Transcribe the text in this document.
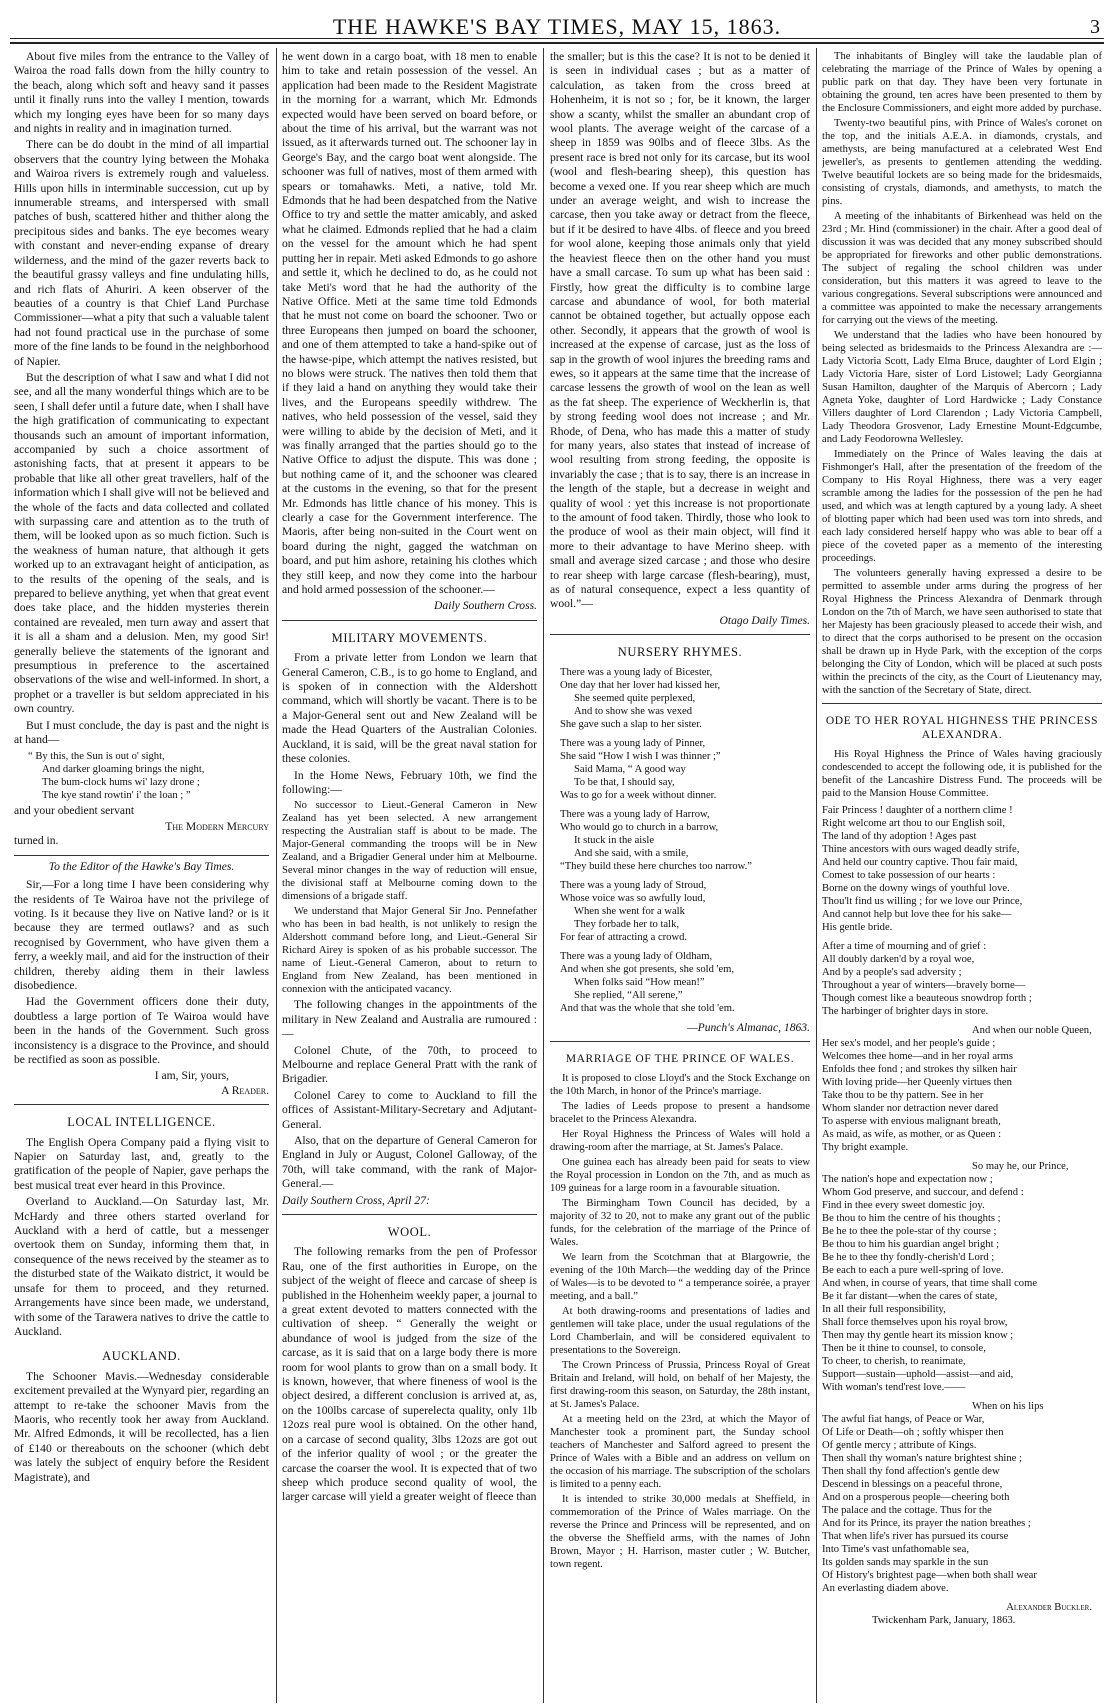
THE HAWKE'S BAY TIMES, MAY 15, 1863.	3

About five miles from the entrance to the Valley of Wairoa the road falls down from the hilly country to the beach, along which soft and heavy sand it passes until it finally runs into the valley I mention, towards which my longing eyes have been for so many days and nights in reality and in imagination turned.

There can be do doubt in the mind of all impartial observers that the country lying between the Mohaka and Wairoa rivers is extremely rough and valueless. Hills upon hills in interminable succession, cut up by innumerable streams, and interspersed with small patches of bush, scattered hither and thither along the precipitous sides and banks. The eye becomes weary with constant and never-ending expanse of dreary wilderness, and the mind of the gazer reverts back to the beautiful grassy valleys and fine undulating hills, and rich flats of Ahuriri. A keen observer of the beauties of a country is that Chief Land Purchase Commissioner—what a pity that such a valuable talent had not found practical use in the purchase of some more of the fine lands to be found in the neighborhood of Napier.

But the description of what I saw and what I did not see, and all the many wonderful things which are to be seen, I shall defer until a future date, when I shall have the high gratification of communicating to expectant thousands such an amount of important information, accompanied by such a choice assortment of astonishing facts, that at present it appears to be probable that like all other great travellers, half of the information which I shall give will not be believed and the whole of the facts and data collected and collated with surpassing care and attention as to the truth of them, will be looked upon as so much fiction. Such is the weakness of human nature, that although it gets worked up to an extravagant height of anticipation, as to the results of the opening of the seals, and is prepared to believe anything, yet when that great event does take place, and the hidden mysteries therein contained are revealed, men turn away and assert that it is all a sham and a delusion. Men, my good Sir! generally believe the statements of the ignorant and presumptious in preference to the ascertained observations of the wise and well-informed. In short, a prophet or a traveller is but seldom appreciated in his own country.

But I must conclude, the day is past and the night is at hand—

“ By this, the Sun is out o' sight,
And darker gloaming brings the night,
The bum-clock hums wi' lazy drone ;
The kye stand rowtin' i' the loan ; ”

and your obedient servant

The Modern Mercury

turned in.

To the Editor of the Hawke's Bay Times.

Sir,—For a long time I have been considering why the residents of Te Wairoa have not the privilege of voting. Is it because they live on Native land? or is it because they are termed outlaws? and as such recognised by Government, who have given them a ferry, a weekly mail, and aid for the instruction of their children, thereby aiding them in their lawless disobedience.

Had the Government officers done their duty, doubtless a large portion of Te Wairoa would have been in the hands of the Government. Such gross inconsistency is a disgrace to the Province, and should be rectified as soon as possible.

I am, Sir, yours,
A Reader.
LOCAL INTELLIGENCE.

The English Opera Company paid a flying visit to Napier on Saturday last, and, greatly to the gratification of the people of Napier, gave perhaps the best musical treat ever heard in this Province.

Overland to Auckland.—On Saturday last, Mr. McHardy and three others started overland for Auckland with a herd of cattle, but a messenger overtook them on Sunday, informing them that, in consequence of the news received by the steamer as to the disturbed state of the Waikato district, it would be unsafe for them to proceed, and they returned. Arrangements have since been made, we understand, with some of the Tarawera natives to drive the cattle to Auckland.

AUCKLAND.

The Schooner Mavis.—Wednesday considerable excitement prevailed at the Wynyard pier, regarding an attempt to re-take the schooner Mavis from the Maoris, who recently took her away from Auckland. Mr. Alfred Edmonds, it will be recollected, has a lien of £140 or thereabouts on the schooner (which debt was lately the subject of enquiry before the Resident Magistrate), and

he went down in a cargo boat, with 18 men to enable him to take and retain possession of the vessel. An application had been made to the Resident Magistrate in the morning for a warrant, which Mr. Edmonds expected would have been served on board before, or about the time of his arrival, but the warrant was not issued, as it afterwards turned out. The schooner lay in George's Bay, and the cargo boat went alongside. The schooner was full of natives, most of them armed with spears or tomahawks. Meti, a native, told Mr. Edmonds that he had been despatched from the Native Office to try and settle the matter amicably, and asked what he claimed. Edmonds replied that he had a claim on the vessel for the amount which he had spent putting her in repair. Meti asked Edmonds to go ashore and settle it, which he declined to do, as he could not take Meti's word that he had the authority of the Native Office. Meti at the same time told Edmonds that he must not come on board the schooner. Two or three Europeans then jumped on board the schooner, and one of them attempted to take a hand-spike out of the hawse-pipe, which attempt the natives resisted, but no blows were struck. The natives then told them that if they laid a hand on anything they would take their lives, and the Europeans speedily withdrew. The natives, who held possession of the vessel, said they were willing to abide by the decision of Meti, and it was finally arranged that the parties should go to the Native Office to adjust the dispute. This was done ; but nothing came of it, and the schooner was cleared at the customs in the evening, so that for the present Mr. Edmonds has little chance of his money. This is clearly a case for the Government interference. The Maoris, after being non-suited in the Court went on board during the night, gagged the watchman on board, and put him ashore, retaining his clothes which they still keep, and now they come into the harbour and hold armed possession of the schooner.—

Daily Southern Cross.
MILITARY MOVEMENTS.

From a private letter from London we learn that General Cameron, C.B., is to go home to England, and is spoken of in connection with the Aldershott command, which will shortly be vacant. There is to be a Major-General sent out and New Zealand will be made the Head Quarters of the Australian Colonies. Auckland, it is said, will be the great naval station for these colonies.

In the Home News, February 10th, we find the following:—

No successor to Lieut.-General Cameron in New Zealand has yet been selected. A new arrangement respecting the Australian staff is about to be made. The Major-General commanding the troops will be in New Zealand, and a Brigadier General under him at Melbourne. Several minor changes in the way of reduction will ensue, the divisional staff at Melbourne coming down to the dimensions of a brigade staff.

We understand that Major General Sir Jno. Pennefather who has been in bad health, is not unlikely to resign the Aldershott command before long, and Lieut.-General Sir Richard Airey is spoken of as his probable successor. The name of Lieut.-General Cameron, about to return to England from New Zealand, has been mentioned in connexion with the anticipated vacancy.

The following changes in the appointments of the military in New Zealand and Australia are rumoured :—

Colonel Chute, of the 70th, to proceed to Melbourne and replace General Pratt with the rank of Brigadier.

Colonel Carey to come to Auckland to fill the offices of Assistant-Military-Secretary and Adjutant-General.

Also, that on the departure of General Cameron for England in July or August, Colonel Galloway, of the 70th, will take command, with the rank of Major-General.—

Daily Southern Cross, April 27:
WOOL.

The following remarks from the pen of Professor Rau, one of the first authorities in Europe, on the subject of the weight of fleece and carcase of sheep is published in the Hohenheim weekly paper, a journal to a great extent devoted to matters connected with the cultivation of sheep. “ Generally the weight or abundance of wool is judged from the size of the carcase, as it is said that on a large body there is more room for wool plants to grow than on a small body. It is known, however, that where fineness of wool is the object desired, a different conclusion is arrived at, as, on the 100lbs carcase of superelecta quality, only 1lb 12ozs real pure wool is obtained. On the other hand, on a carcase of second quality, 3lbs 12ozs are got out of the inferior quality of wool ; or the greater the carcase the coarser the wool. It is expected that of two sheep which produce second quality of wool, the larger carcase will yield a greater weight of fleece than

the smaller; but is this the case? It is not to be denied it is seen in individual cases ; but as a matter of calculation, as taken from the cross breed at Hohenheim, it is not so ; for, be it known, the larger show a scanty, whilst the smaller an abundant crop of wool plants. The average weight of the carcase of a sheep in 1859 was 90lbs and of fleece 3lbs. As the present race is bred not only for its carcase, but its wool (wool and flesh-bearing sheep), this question has become a vexed one. If you rear sheep which are much under an average weight, and wish to increase the carcase, then you take away or detract from the fleece, but if it be desired to have 4lbs. of fleece and you breed for wool alone, keeping those animals only that yield the heaviest fleece then on the other hand you must have a small carcase. To sum up what has been said : Firstly, how great the difficulty is to combine large carcase and abundance of wool, for both material cannot be obtained together, but actually oppose each other. Secondly, it appears that the growth of wool is increased at the expense of carcase, just as the loss of sap in the growth of wool injures the breeding rams and ewes, so it appears at the same time that the increase of carcase lessens the growth of wool on the lean as well as the fat sheep. The experience of Weckherlin is, that by strong feeding wool does not increase ; and Mr. Rhode, of Dena, who has made this a matter of study for many years, also states that instead of increase of wool resulting from strong feeding, the opposite is invariably the case ; that is to say, there is an increase in the length of the staple, but a decrease in weight and quality of wool : yet this increase is not proportionate to the amount of food taken. Thirdly, those who look to the produce of wool as their main object, will find it more to their advantage to have Merino sheep. with small and average sized carcase ; and those who desire to rear sheep with large carcase (flesh-bearing), must, as of natural consequence, expect a less quantity of wool.”—

Otago Daily Times.
NURSERY RHYMES.
There was a young lady of Bicester,
One day that her lover had kissed her,
She seemed quite perplexed,
And to show she was vexed
She gave such a slap to her sister.
There was a young lady of Pinner,
She said “How I wish I was thinner ;”
Said Mama, “ A good way
To be that, I should say,
Was to go for a week without dinner.
There was a young lady of Harrow,
Who would go to church in a barrow,
It stuck in the aisle
And she said, with a smile,
“They build these here churches too narrow.”
There was a young lady of Stroud,
Whose voice was so awfully loud,
When she went for a walk
They forbade her to talk,
For fear of attracting a crowd.
There was a young lady of Oldham,
And when she got presents, she sold 'em,
When folks said “How mean!”
She replied, “All serene,”
And that was the whole that she told 'em.
—Punch's Almanac, 1863.
MARRIAGE OF THE PRINCE OF WALES.

It is proposed to close Lloyd's and the Stock Exchange on the 10th March, in honor of the Prince's marriage.

The ladies of Leeds propose to present a handsome bracelet to the Princess Alexandra.

Her Royal Highness the Princess of Wales will hold a drawing-room after the marriage, at St. James's Palace.

One guinea each has already been paid for seats to view the Royal procession in London on the 7th, and as much as 109 guineas for a large room in a favourable situation.

The Birmingham Town Council has decided, by a majority of 32 to 20, not to make any grant out of the public funds, for the celebration of the marriage of the Prince of Wales.

We learn from the Scotchman that at Blargowrie, the evening of the 10th March—the wedding day of the Prince of Wales—is to be devoted to “ a temperance soirée, a prayer meeting, and a ball.”

At both drawing-rooms and presentations of ladies and gentlemen will take place, under the usual regulations of the Lord Chamberlain, and will be considered equivalent to presentations to the Sovereign.

The Crown Princess of Prussia, Princess Royal of Great Britain and Ireland, will hold, on behalf of her Majesty, the first drawing-room this season, on Saturday, the 28th instant, at St. James's Palace.

At a meeting held on the 23rd, at which the Mayor of Manchester took a prominent part, the Sunday school teachers of Manchester and Salford agreed to present the Prince of Wales with a Bible and an address on vellum on the occasion of his marriage. The subscription of the scholars is limited to a penny each.

It is intended to strike 30,000 medals at Sheffield, in commemoration of the Prince of Wales marriage. On the reverse the Prince and Princess will be represented, and on the obverse the Sheffield arms, with the names of John Brown, Mayor ; H. Harrison, master cutler ; W. Butcher, town regent.

The inhabitants of Bingley will take the laudable plan of celebrating the marriage of the Prince of Wales by opening a public park on that day. They have been very fortunate in obtaining the ground, ten acres have been presented to them by the Enclosure Commissioners, and eight more added by purchase.

Twenty-two beautiful pins, with Prince of Wales's coronet on the top, and the initials A.E.A. in diamonds, crystals, and amethysts, are being manufactured at a celebrated West End jeweller's, as presents to gentlemen attending the wedding. Twelve beautiful lockets are so being made for the bridesmaids, consisting of crystals, diamonds, and amethysts, to match the pins.

A meeting of the inhabitants of Birkenhead was held on the 23rd ; Mr. Hind (commissioner) in the chair. After a good deal of discussion it was was decided that any money subscribed should be appropriated for fireworks and other public demonstrations. The subject of regaling the school children was under consideration, but this matters it was agreed to leave to the various congregations. Several subscriptions were announced and a committee was appointed to make the necessary arrangements for carrying out the views of the meeting.

We understand that the ladies who have been honoured by being selected as bridesmaids to the Princess Alexandra are :—Lady Victoria Scott, Lady Elma Bruce, daughter of Lord Elgin ; Lady Victoria Hare, sister of Lord Listowel; Lady Georgianna Susan Hamilton, daughter of the Marquis of Abercorn ; Lady Agneta Yoke, daughter of Lord Hardwicke ; Lady Constance Villers daughter of Lord Clarendon ; Lady Victoria Campbell, Lady Theodora Grosvenor, Lady Ernestine Mount-Edgcumbe, and Lady Feodorowna Wellesley.

Immediately on the Prince of Wales leaving the dais at Fishmonger's Hall, after the presentation of the freedom of the Company to His Royal Highness, there was a very eager scramble among the ladies for the possession of the pen he had used, and which was at length captured by a young lady. A sheet of blotting paper which had been used was torn into shreds, and each lady considered herself happy who was able to bear off a piece of the coveted paper as a memento of the interesting proceedings.

The volunteers generally having expressed a desire to be permitted to assemble under arms during the progress of her Royal Highness the Princess Alexandra of Denmark through London on the 7th of March, we have seen authorised to state that her Majesty has been graciously pleased to accede their wish, and to direct that the corps authorised to be present on the occasion shall be drawn up in Hyde Park, with the exception of the corps belonging the City of London, which will be placed at such posts within the precincts of the city, as the Court of Lieutenancy may, with the sanction of the Secretary of State, direct.

ODE TO HER ROYAL HIGHNESS THE PRINCESS ALEXANDRA.

His Royal Highness the Prince of Wales having graciously condescended to accept the following ode, it is published for the benefit of the Lancashire Distress Fund. The proceeds will be paid to the Mansion House Committee.

Fair Princess ! daughter of a northern clime !
Right welcome art thou to our English soil,
The land of thy adoption ! Ages past
Thine ancestors with ours waged deadly strife,
And held our country captive. Thou fair maid,
Comest to take possession of our hearts :
Borne on the downy wings of youthful love.
Thou'lt find us willing ; for we love our Prince,
And cannot help but love thee for his sake—
His gentle bride.
After a time of mourning and of grief :
All doubly darken'd by a royal woe,
And by a people's sad adversity ;
Throughout a year of winters—bravely borne—
Though comest like a beauteous snowdrop forth ;
The harbinger of brighter days in store.
And when our noble Queen,
Her sex's model, and her people's guide ;
Welcomes thee home—and in her royal arms
Enfolds thee fond ; and strokes thy silken hair
With loving pride—her Queenly virtues then
Take thou to be thy pattern. See in her
Whom slander nor detraction never dared
To asperse with envious malignant breath,
As maid, as wife, as mother, or as Queen :
Thy bright example.
So may he, our Prince,
The nation's hope and expectation now ;
Whom God preserve, and succour, and defend :
Find in thee every sweet domestic joy.
Be thou to him the centre of his thoughts ;
Be he to thee the pole-star of thy course ;
Be thou to him his guardian angel bright ;
Be he to thee thy fondly-cherish'd Lord ;
Be each to each a pure well-spring of love.
And when, in course of years, that time shall come
Be it far distant—when the cares of state,
In all their full responsibility,
Shall force themselves upon his royal brow,
Then may thy gentle heart its mission know ;
Then be it thine to counsel, to console,
To cheer, to cherish, to reanimate,
Support—sustain—uphold—assist—and aid,
With woman's tend'rest love.——
When on his lips
The awful fiat hangs, of Peace or War,
Of Life or Death—oh ; softly whisper then
Of gentle mercy ; attribute of Kings.
Then shall thy woman's nature brightest shine ;
Then shall thy fond affection's gentle dew
Descend in blessings on a peaceful throne,
And on a prosperous people—cheering both
The palace and the cottage. Thus for the
And for its Prince, its prayer the nation breathes ;
That when life's river has pursued its course
Into Time's vast unfathomable sea,
Its golden sands may sparkle in the sun
Of History's brightest page—when both shall wear
An everlasting diadem above.
Alexander Buckler.
Twickenham Park, January, 1863.
